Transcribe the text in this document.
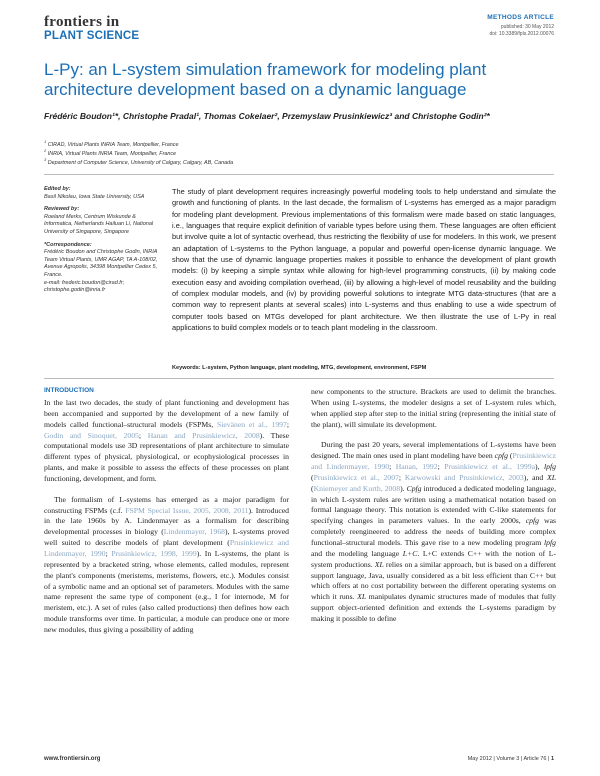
frontiers in
PLANT SCIENCE
METHODS ARTICLE
published: 30 May 2012
doi: 10.3389/fpls.2012.00076
L-Py: an L-system simulation framework for modeling plant architecture development based on a dynamic language
Frédéric Boudon¹*, Christophe Pradal¹, Thomas Cokelaer², Przemyslaw Prusinkiewicz³ and Christophe Godin²*
$^1$ CIRAD, Virtual Plants INRIA Team, Montpellier, France
$^2$ INRIA, Virtual Plants INRIA Team, Montpellier, France
$^3$ Department of Computer Science, University of Calgary, Calgary, AB, Canada
Edited by:
Basil Nikolau, Iowa State University, USA
Reviewed by:
Roeland Merks, Centrum Wiskunde & Informatica, Netherlands Hailuan Li, National University of Singapore, Singapore
*Correspondence:
Frédéric Boudon and Christophe Godin, INRIA Team Virtual Plants, UMR AGAP, TA A-108/02, Avenue Agropolis, 34398 Montpellier Cedex 5, France.
e-mail: frederic.boudon@cirad.fr; christophe.godin@inria.fr
The study of plant development requires increasingly powerful modeling tools to help understand and simulate the growth and functioning of plants. In the last decade, the formalism of L-systems has emerged as a major paradigm for modeling plant development. Previous implementations of this formalism were made based on static languages, i.e., languages that require explicit definition of variable types before using them. These languages are often efficient but involve quite a lot of syntactic overhead, thus restricting the flexibility of use for modelers. In this work, we present an adaptation of L-systems to the Python language, a popular and powerful open-license dynamic language. We show that the use of dynamic language properties makes it possible to enhance the development of plant growth models: (i) by keeping a simple syntax while allowing for high-level programming constructs, (ii) by making code execution easy and avoiding compilation overhead, (iii) by allowing a high-level of model reusability and the building of complex modular models, and (iv) by providing powerful solutions to integrate MTG data-structures (that are a common way to represent plants at several scales) into L-systems and thus enabling to use a wide spectrum of computer tools based on MTGs developed for plant architecture. We then illustrate the use of L-Py in real applications to build complex models or to teach plant modeling in the classroom.
Keywords: L-system, Python language, plant modeling, MTG, development, environment, FSPM
INTRODUCTION

In the last two decades, the study of plant functioning and development has been accompanied and supported by the development of a new family of models called functional–structural models (FSPMs, Sievänen et al., 1997; Godin and Sinoquet, 2005; Hanan and Prusinkiewicz, 2008). These computational models use 3D representations of plant architecture to simulate different types of physical, physiological, or ecophysiological processes in plants, and make it possible to assess the effects of these processes on plant functioning, development, and form.

The formalism of L-systems has emerged as a major paradigm for constructing FSPMs (c.f. FSPM Special Issue, 2005, 2008, 2011). Introduced in the late 1960s by A. Lindenmayer as a formalism for describing developmental processes in biology (Lindenmayer, 1968), L-systems proved well suited to describe models of plant development (Prusinkiewicz and Lindenmayer, 1990; Prusinkiewicz, 1998, 1999). In L-systems, the plant is represented by a bracketed string, whose elements, called modules, represent the plant's components (meristems, meristems, flowers, etc.). Modules consist of a symbolic name and an optional set of parameters. Modules with the same name represent the same type of component (e.g., I for internode, M for meristem, etc.). A set of rules (also called productions) then defines how each module transforms over time. In particular, a module can produce one or more new modules, thus giving a possibility of adding

new components to the structure. Brackets are used to delimit the branches. When using L-systems, the modeler designs a set of L-system rules which, when applied step after step to the initial string (representing the initial state of the plant), will simulate its development.

During the past 20 years, several implementations of L-systems have been designed. The main ones used in plant modeling have been cpfg (Prusinkiewicz and Lindenmayer, 1990; Hanan, 1992; Prusinkiewicz et al., 1999a), lpfg (Prusinkiewicz et al., 2007; Karwowski and Prusinkiewicz, 2003), and XL (Kniemeyer and Kurth, 2008). Cpfg introduced a dedicated modeling language, in which L-system rules are written using a mathematical notation based on formal language theory. This notation is extended with C-like statements for specifying changes in parameters values. In the early 2000s, cpfg was completely reengineered to address the needs of building more complex functional–structural models. This gave rise to a new modeling program lpfg and the modeling language L+C. L+C extends C++ with the notion of L-system productions. XL relies on a similar approach, but is based on a different support language, Java, usually considered as a bit less efficient than C++ but which offers at no cost portability between the different operating systems on which it runs. XL manipulates dynamic structures made of modules that fully support object-oriented definition and extends the L-systems paradigm by making it possible to define

www.frontiersin.org	May 2012 | Volume 3 | Article 76 | 1
